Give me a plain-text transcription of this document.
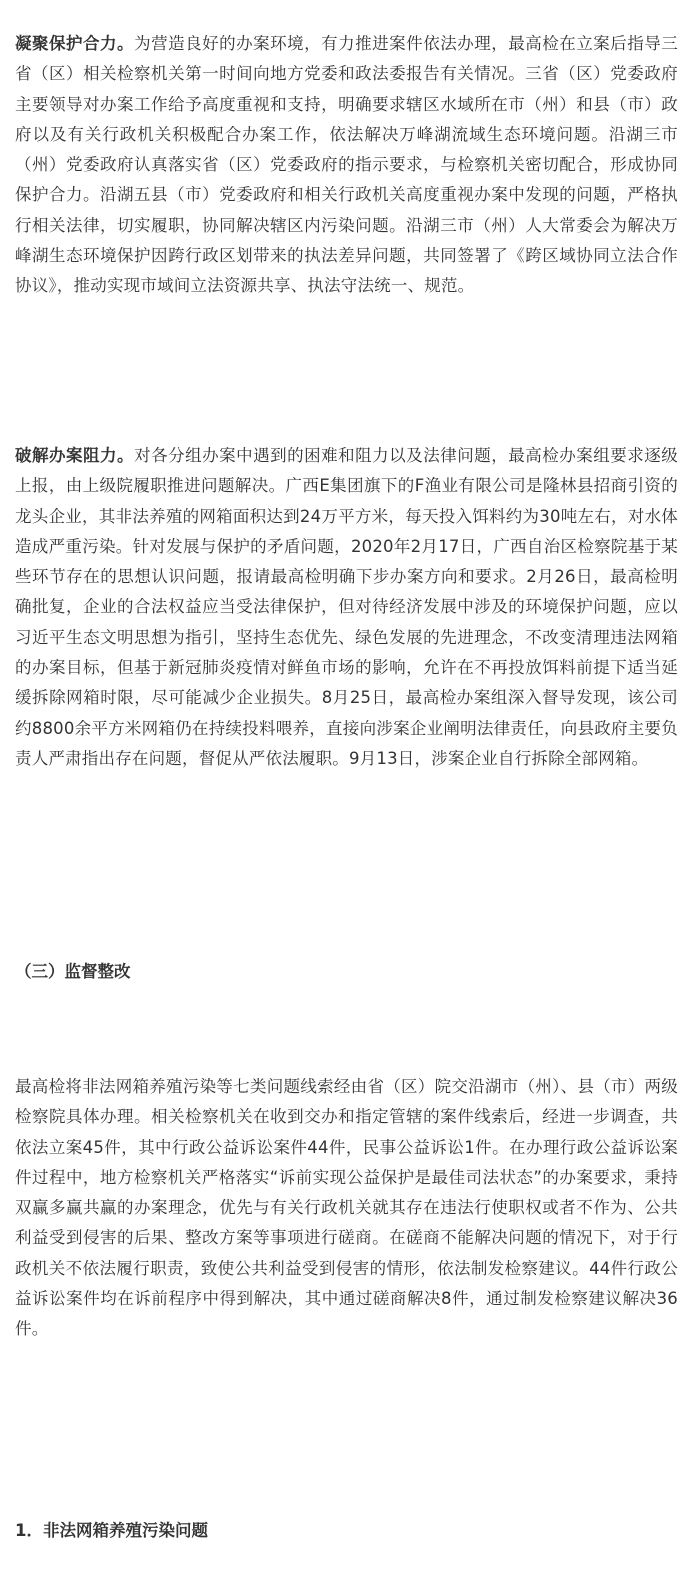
凝聚保护合力。为营造良好的办案环境，有力推进案件依法办理，最高检在立案后指导三省（区）相关检察机关第一时间向地方党委和政法委报告有关情况。三省（区）党委政府主要领导对办案工作给予高度重视和支持，明确要求辖区水域所在市（州）和县（市）政府以及有关行政机关积极配合办案工作，依法解决万峰湖流域生态环境问题。沿湖三市（州）党委政府认真落实省（区）党委政府的指示要求，与检察机关密切配合，形成协同保护合力。沿湖五县（市）党委政府和相关行政机关高度重视办案中发现的问题，严格执行相关法律，切实履职，协同解决辖区内污染问题。沿湖三市（州）人大常委会为解决万峰湖生态环境保护因跨行政区划带来的执法差异问题，共同签署了《跨区域协同立法合作协议》，推动实现市域间立法资源共享、执法守法统一、规范。

破解办案阻力。对各分组办案中遇到的困难和阻力以及法律问题，最高检办案组要求逐级上报，由上级院履职推进问题解决。广西E集团旗下的F渔业有限公司是隆林县招商引资的龙头企业，其非法养殖的网箱面积达到24万平方米，每天投入饵料约为30吨左右，对水体造成严重污染。针对发展与保护的矛盾问题，2020年2月17日，广西自治区检察院基于某些环节存在的思想认识问题，报请最高检明确下步办案方向和要求。2月26日，最高检明确批复，企业的合法权益应当受法律保护，但对待经济发展中涉及的环境保护问题，应以习近平生态文明思想为指引，坚持生态优先、绿色发展的先进理念，不改变清理违法网箱的办案目标，但基于新冠肺炎疫情对鲜鱼市场的影响，允许在不再投放饵料前提下适当延缓拆除网箱时限，尽可能减少企业损失。8月25日，最高检办案组深入督导发现，该公司约8800余平方米网箱仍在持续投料喂养，直接向涉案企业阐明法律责任，向县政府主要负责人严肃指出存在问题，督促从严依法履职。9月13日，涉案企业自行拆除全部网箱。

（三）监督整改

最高检将非法网箱养殖污染等七类问题线索经由省（区）院交沿湖市（州）、县（市）两级检察院具体办理。相关检察机关在收到交办和指定管辖的案件线索后，经进一步调查，共依法立案45件，其中行政公益诉讼案件44件，民事公益诉讼1件。在办理行政公益诉讼案件过程中，地方检察机关严格落实“诉前实现公益保护是最佳司法状态”的办案要求，秉持双赢多赢共赢的办案理念，优先与有关行政机关就其存在违法行使职权或者不作为、公共利益受到侵害的后果、整改方案等事项进行磋商。在磋商不能解决问题的情况下，对于行政机关不依法履行职责，致使公共利益受到侵害的情形，依法制发检察建议。44件行政公益诉讼案件均在诉前程序中得到解决，其中通过磋商解决8件，通过制发检察建议解决36件。

1．非法网箱养殖污染问题
